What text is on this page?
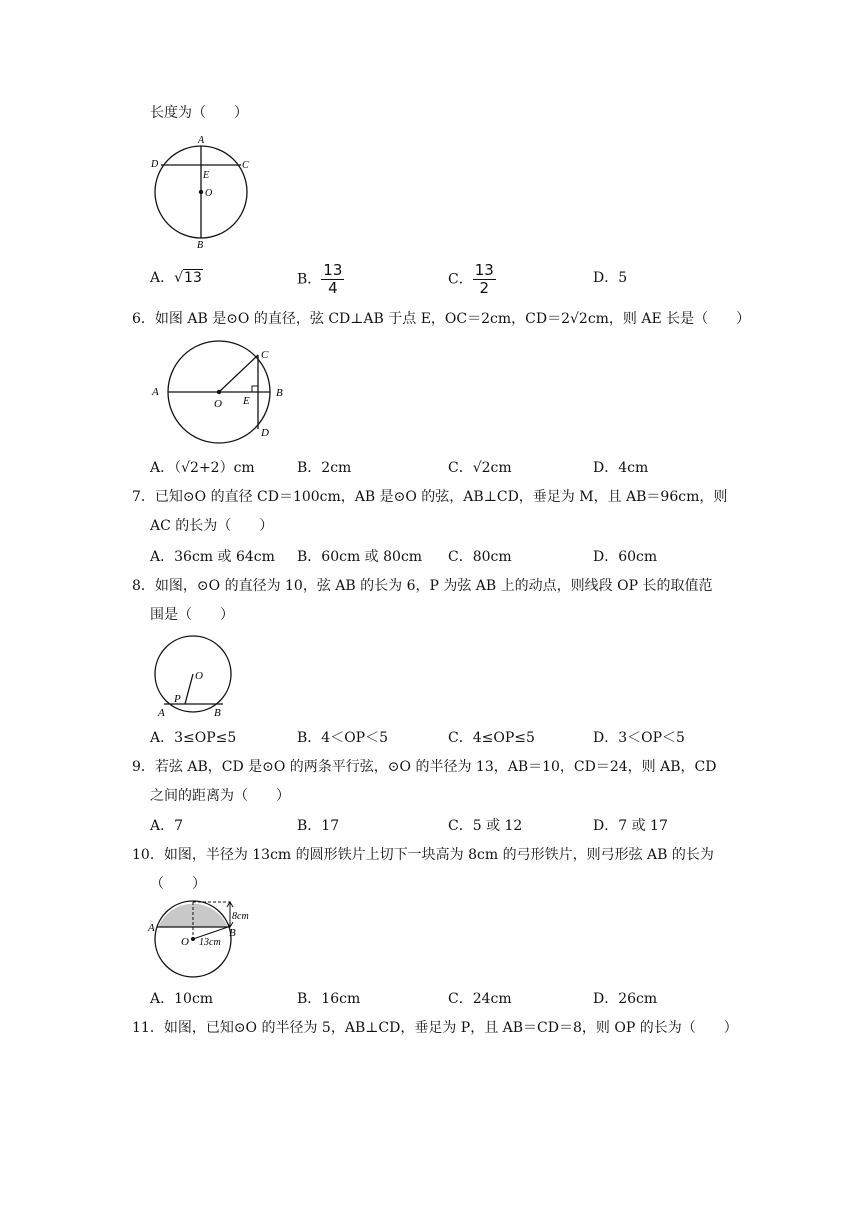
长度为（　　）
A
D	C
E
O
B
A．√13	B． $\frac{13}{4}$	C． $\frac{13}{2}$	D．5
6．如图 AB 是⊙O 的直径，弦 CD⊥AB 于点 E，OC＝2cm，CD＝2√2cm，则 AE 长是（　　）
A	B
C
D
E
O
A．（√2+2）cm	B．2cm	C．√2cm	D．4cm
7．已知⊙O 的直径 CD＝100cm，AB 是⊙O 的弦，AB⊥CD，垂足为 M，且 AB＝96cm，则
AC 的长为（　　）
A．36cm 或 64cm B．60cm 或 80cm C．80cm	D．60cm
8．如图，⊙O 的直径为 10，弦 AB 的长为 6，P 为弦 AB 上的动点，则线段 OP 长的取值范
围是（　　）
O
P
A	B
A．3≤OP≤5	B．4＜OP＜5	C．4≤OP≤5	D．3＜OP＜5
9．若弦 AB，CD 是⊙O 的两条平行弦，⊙O 的半径为 13，AB＝10，CD＝24，则 AB，CD
之间的距离为（　　）
A．7	B．17	C．5 或 12	D．7 或 17
10．如图，半径为 13cm 的圆形铁片上切下一块高为 8cm 的弓形铁片，则弓形弦 AB 的长为
（　　）
8cm
13cm
A	B
O
A．10cm	B．16cm	C．24cm	D．26cm
11．如图，已知⊙O 的半径为 5，AB⊥CD，垂足为 P，且 AB＝CD＝8，则 OP 的长为（　　）
